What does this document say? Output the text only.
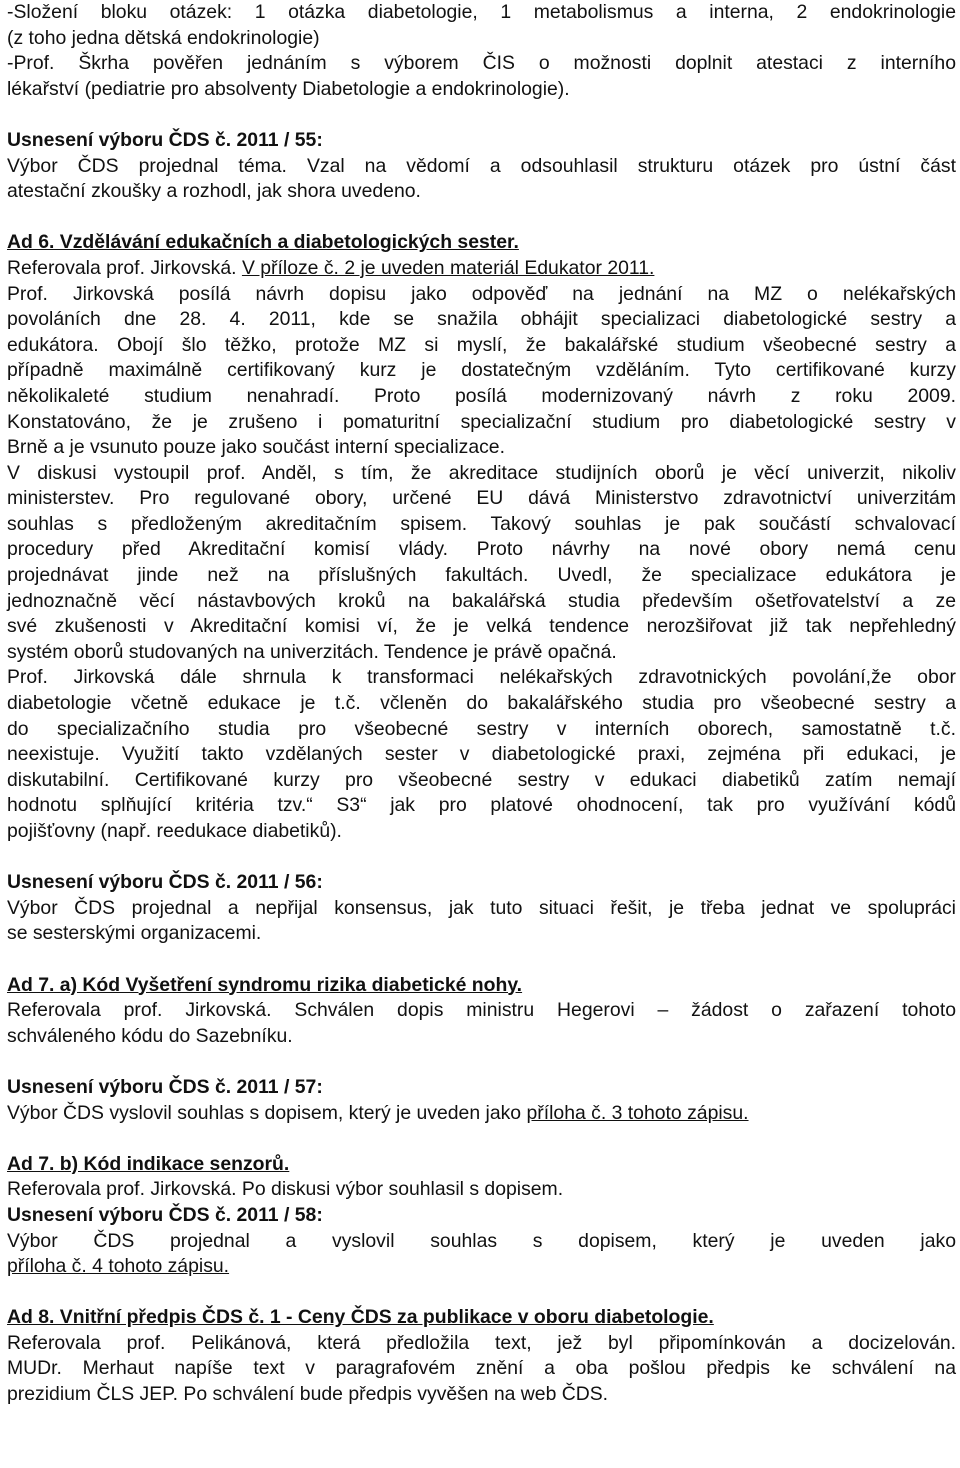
-Složení bloku otázek: 1 otázka diabetologie, 1 metabolismus a interna, 2 endokrinologie
(z toho jedna dětská endokrinologie)
-Prof. Škrha pověřen jednáním s výborem ČIS o možnosti doplnit atestaci z interního
lékařství (pediatrie pro absolventy Diabetologie a endokrinologie).
Usnesení výboru ČDS č. 2011 / 55:
Výbor ČDS projednal téma. Vzal na vědomí a odsouhlasil strukturu otázek pro ústní část
atestační zkoušky a rozhodl, jak shora uvedeno.
Ad 6. Vzdělávání edukačních a diabetologických sester.
Referovala prof. Jirkovská. V příloze č. 2 je uveden materiál Edukator 2011.
Prof. Jirkovská posílá návrh dopisu jako odpověď na jednání na MZ o nelékařských
povoláních dne 28. 4. 2011, kde se snažila obhájit specializaci diabetologické sestry a
edukátora. Obojí šlo těžko, protože MZ si myslí, že bakalářské studium všeobecné sestry a
případně maximálně certifikovaný kurz je dostatečným vzděláním. Tyto certifikované kurzy
několikaleté studium nenahradí. Proto posílá modernizovaný návrh z roku 2009.
Konstatováno, že je zrušeno i pomaturitní specializační studium pro diabetologické sestry v
Brně a je vsunuto pouze jako součást interní specializace.
V diskusi vystoupil prof. Anděl, s tím, že akreditace studijních oborů je věcí univerzit, nikoliv
ministerstev. Pro regulované obory, určené EU dává Ministerstvo zdravotnictví univerzitám
souhlas s předloženým akreditačním spisem. Takový souhlas je pak součástí schvalovací
procedury před Akreditační komisí vlády. Proto návrhy na nové obory nemá cenu
projednávat jinde než na příslušných fakultách. Uvedl, že specializace edukátora je
jednoznačně věcí nástavbových kroků na bakalářská studia především ošetřovatelství a ze
své zkušenosti v Akreditační komisi ví, že je velká tendence nerozšiřovat již tak nepřehledný
systém oborů studovaných na univerzitách. Tendence je právě opačná.
Prof. Jirkovská dále shrnula k transformaci nelékařských zdravotnických povolání,že obor
diabetologie včetně edukace je t.č. včleněn do bakalářského studia pro všeobecné sestry a
do specializačního studia pro všeobecné sestry v interních oborech, samostatně t.č.
neexistuje. Využití takto vzdělaných sester v diabetologické praxi, zejména při edukaci, je
diskutabilní. Certifikované kurzy pro všeobecné sestry v edukaci diabetiků zatím nemají
hodnotu splňující kritéria tzv.“ S3“ jak pro platové ohodnocení, tak pro využívání kódů
pojišťovny (např. reedukace diabetiků).
Usnesení výboru ČDS č. 2011 / 56:
Výbor ČDS projednal a nepřijal konsensus, jak tuto situaci řešit, je třeba jednat ve spolupráci
se sesterskými organizacemi.
Ad 7. a) Kód Vyšetření syndromu rizika diabetické nohy.
Referovala prof. Jirkovská. Schválen dopis ministru Hegerovi – žádost o zařazení tohoto
schváleného kódu do Sazebníku.
Usnesení výboru ČDS č. 2011 / 57:
Výbor ČDS vyslovil souhlas s dopisem, který je uveden jako příloha č. 3 tohoto zápisu.
Ad 7. b) Kód indikace senzorů.
Referovala prof. Jirkovská. Po diskusi výbor souhlasil s dopisem.
Usnesení výboru ČDS č. 2011 / 58:
Výbor ČDS projednal a vyslovil souhlas s dopisem, který je uveden jako
příloha č. 4 tohoto zápisu.
Ad 8. Vnitřní předpis ČDS č. 1 - Ceny ČDS za publikace v oboru diabetologie.
Referovala prof. Pelikánová, která předložila text, jež byl připomínkován a docizelován.
MUDr. Merhaut napíše text v paragrafovém znění a oba pošlou předpis ke schválení na
prezidium ČLS JEP. Po schválení bude předpis vyvěšen na web ČDS.
